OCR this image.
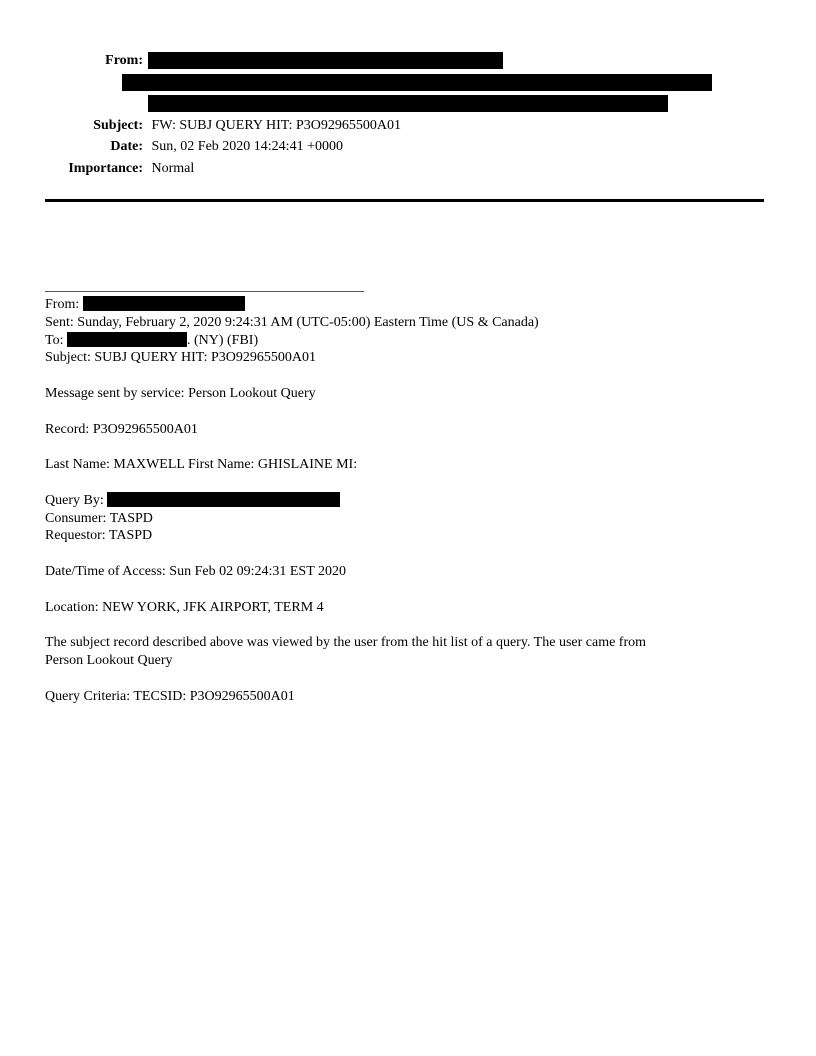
From:
Subject: FW: SUBJ QUERY HIT: P3O92965500A01
Date: Sun, 02 Feb 2020 14:24:41 +0000
Importance: Normal
From:
Sent: Sunday, February 2, 2020 9:24:31 AM (UTC-05:00) Eastern Time (US & Canada)
To:	. (NY) (FBI)
Subject: SUBJ QUERY HIT: P3O92965500A01
Message sent by service: Person Lookout Query
Record: P3O92965500A01
Last Name: MAXWELL First Name: GHISLAINE MI:
Query By:
Consumer: TASPD
Requestor: TASPD
Date/Time of Access: Sun Feb 02 09:24:31 EST 2020
Location: NEW YORK, JFK AIRPORT, TERM 4
The subject record described above was viewed by the user from the hit list of a query. The user came from
Person Lookout Query
Query Criteria: TECSID: P3O92965500A01
